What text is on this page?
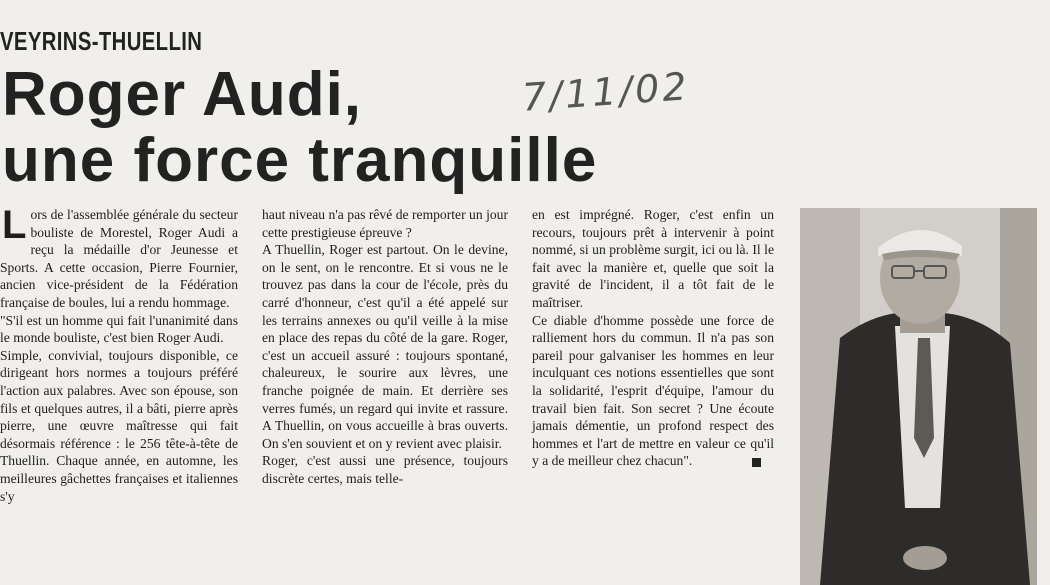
VEYRINS-THUELLIN
Roger Audi,
une force tranquille
7/11/02

Lors de l'assemblée générale du secteur bouliste de Morestel, Roger Audi a reçu la médaille d'or Jeunesse et Sports. A cette occasion, Pierre Fournier, ancien vice-président de la Fédération française de boules, lui a rendu hommage.

"S'il est un homme qui fait l'unanimité dans le monde bouliste, c'est bien Roger Audi.

Simple, convivial, toujours disponible, ce dirigeant hors normes a toujours préféré l'action aux palabres. Avec son épouse, son fils et quelques autres, il a bâti, pierre après pierre, une œuvre maîtresse qui fait désormais référence : le 256 tête-à-tête de Thuellin. Chaque année, en automne, les meilleures gâchettes françaises et italiennes s'y

haut niveau n'a pas rêvé de remporter un jour cette prestigieuse épreuve ?

A Thuellin, Roger est partout. On le devine, on le sent, on le rencontre. Et si vous ne le trouvez pas dans la cour de l'école, près du carré d'honneur, c'est qu'il a été appelé sur les terrains annexes ou qu'il veille à la mise en place des repas du côté de la gare. Roger, c'est un accueil assuré : toujours spontané, chaleureux, le sourire aux lèvres, une franche poignée de main. Et derrière ses verres fumés, un regard qui invite et rassure. A Thuellin, on vous accueille à bras ouverts. On s'en souvient et on y revient avec plaisir.

Roger, c'est aussi une présence, toujours discrète certes, mais telle-

en est imprégné. Roger, c'est enfin un recours, toujours prêt à intervenir à point nommé, si un problème surgit, ici ou là. Il le fait avec la manière et, quelle que soit la gravité de l'incident, il a tôt fait de le maîtriser.

Ce diable d'homme possède une force de ralliement hors du commun. Il n'a pas son pareil pour galvaniser les hommes en leur inculquant ces notions essentielles que sont la solidarité, l'esprit d'équipe, l'amour du travail bien fait. Son secret ? Une écoute jamais démentie, un profond respect des hommes et l'art de mettre en valeur ce qu'il y a de meilleur chez chacun".
